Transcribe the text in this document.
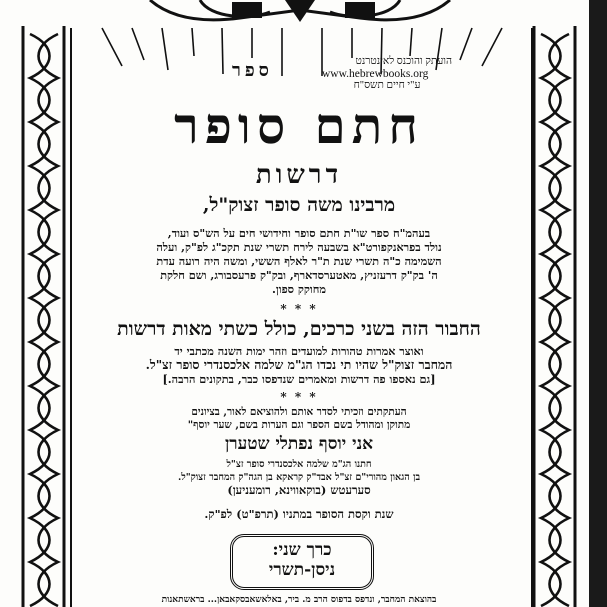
ספר	הועתק והוכנס לאינטרנט
www.hebrewbooks.org
ע"י חיים תשס"ח
חתם סופר
דרשות
מרבינו משה סופר זצוק"ל,
בעהמ"ח ספר שו"ת חתם סופר וחידושי חים על הש"ס ועוד,
נולד בפראנקפורט"א בשבעה לירח תשרי שנת תקכ"ג לפ"ק, ועלה
השמימה כ"ה תשרי שנת ת"ר לאלף הששי, ומשה היה רועה עדת
ה' בק"ק דרעזניץ, מאטערסדארף, ובק"ק פרעסבורג, ושם חלקת
מחוקק ספון.
* * *
החבור הזה בשני כרכים, כולל כשתי מאות דרשות
ואוצר אמרות טהורות למועדים וזהר ימות השנה מכתבי יד
המחבר זצוק"ל שהיו תי נכדו הג"מ שלמה אלכסנדרי סופר זצ"ל.
[גם נאספו פה דרשות ומאמרים שנדפסו כבר, בתקונים הרבה.]
* * *
העתקתים וזכיתי לסדר אותם ולהוציאם לאור, בציונים
מתוקן ומהודל בשם הספר וגם הערות בשם, שער יוסף"
אני יוסף נפתלי שטערן
חתנו הג"מ שלמה אלכסנדרי סופר זצ"ל
בן הגאון מהורי"ם זצ"ל אבד"ק קראקא בן הגה"ק המחבר זצוק"ל.
סערעטש (בוקאווינא, רומעניען)
שנת וקסת הסופר במתניו (תרפ"ט) לפ"ק.
כרך שני:
ניסן-תשרי
בהוצאת המחבר, ונדפס בדפוס הרב מ. ביר, באלאשאבסקאבאן... בראשתאנות
